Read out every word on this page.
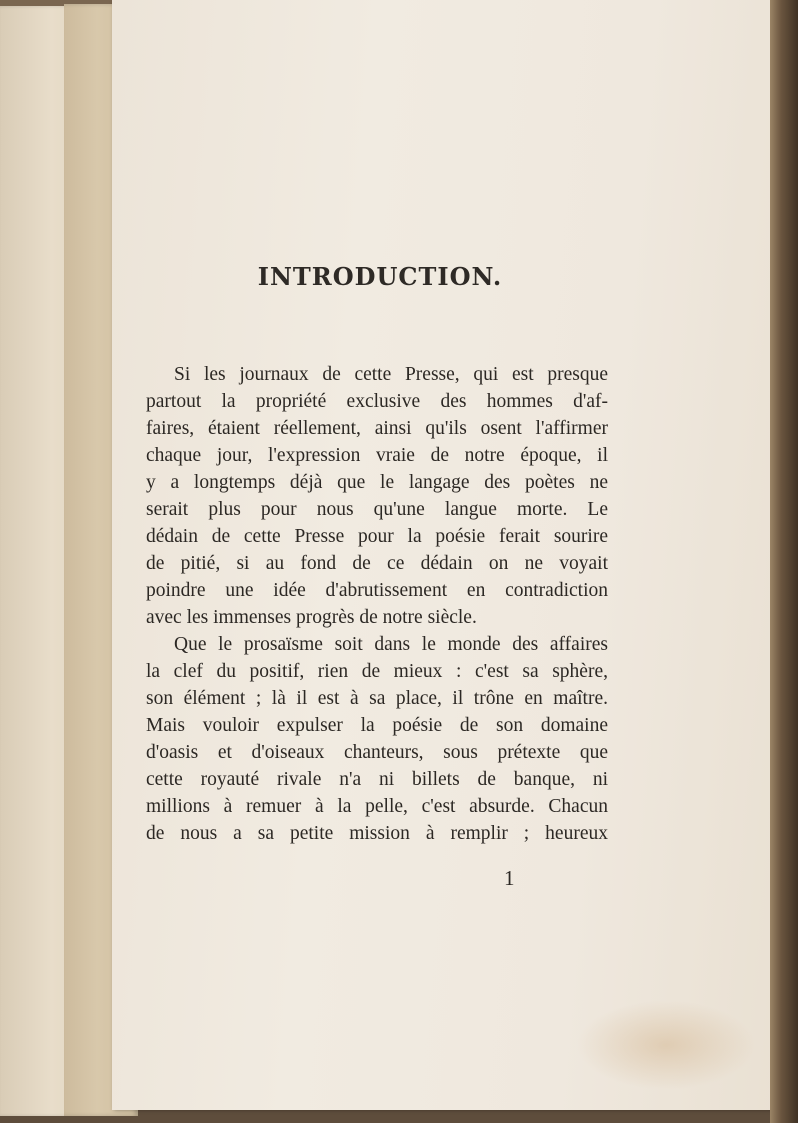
INTRODUCTION.
Si les journaux de cette Presse, qui est presque
partout la propriété exclusive des hommes d'af-
faires, étaient réellement, ainsi qu'ils osent l'affirmer
chaque jour, l'expression vraie de notre époque, il
y a longtemps déjà que le langage des poètes ne
serait plus pour nous qu'une langue morte. Le
dédain de cette Presse pour la poésie ferait sourire
de pitié, si au fond de ce dédain on ne voyait
poindre une idée d'abrutissement en contradiction
avec les immenses progrès de notre siècle.
Que le prosaïsme soit dans le monde des affaires
la clef du positif, rien de mieux : c'est sa sphère,
son élément ; là il est à sa place, il trône en maître.
Mais vouloir expulser la poésie de son domaine
d'oasis et d'oiseaux chanteurs, sous prétexte que
cette royauté rivale n'a ni billets de banque, ni
millions à remuer à la pelle, c'est absurde. Chacun
de nous a sa petite mission à remplir ; heureux
1
